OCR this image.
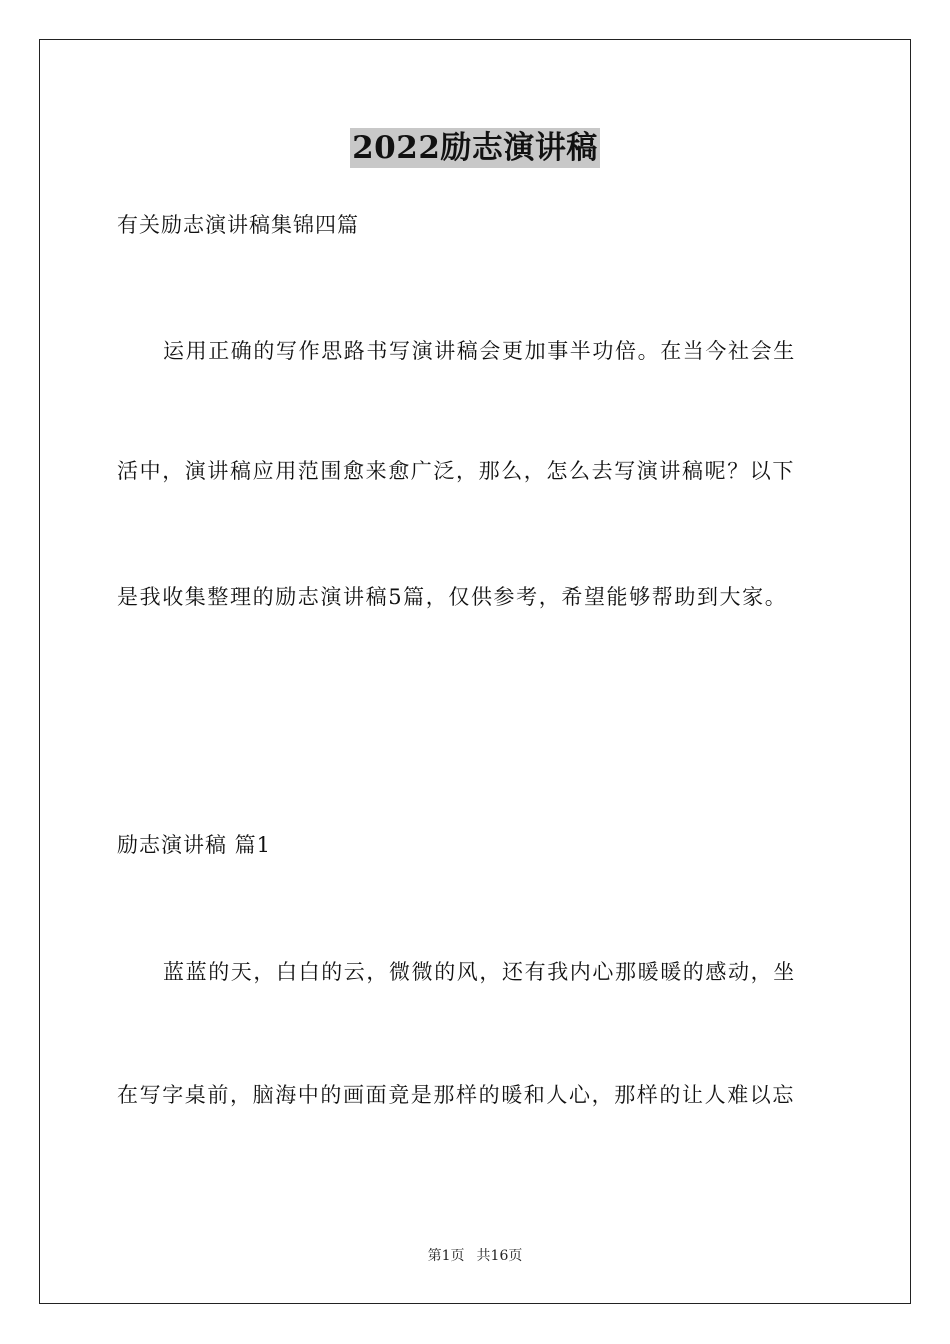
2022励志演讲稿
有关励志演讲稿集锦四篇
运用正确的写作思路书写演讲稿会更加事半功倍。在当今社会生
活中，演讲稿应用范围愈来愈广泛，那么，怎么去写演讲稿呢？以下
是我收集整理的励志演讲稿5篇，仅供参考，希望能够帮助到大家。
励志演讲稿 篇1
蓝蓝的天，白白的云，微微的风，还有我内心那暖暖的感动，坐
在写字桌前，脑海中的画面竟是那样的暖和人心，那样的让人难以忘
第1页 共16页
